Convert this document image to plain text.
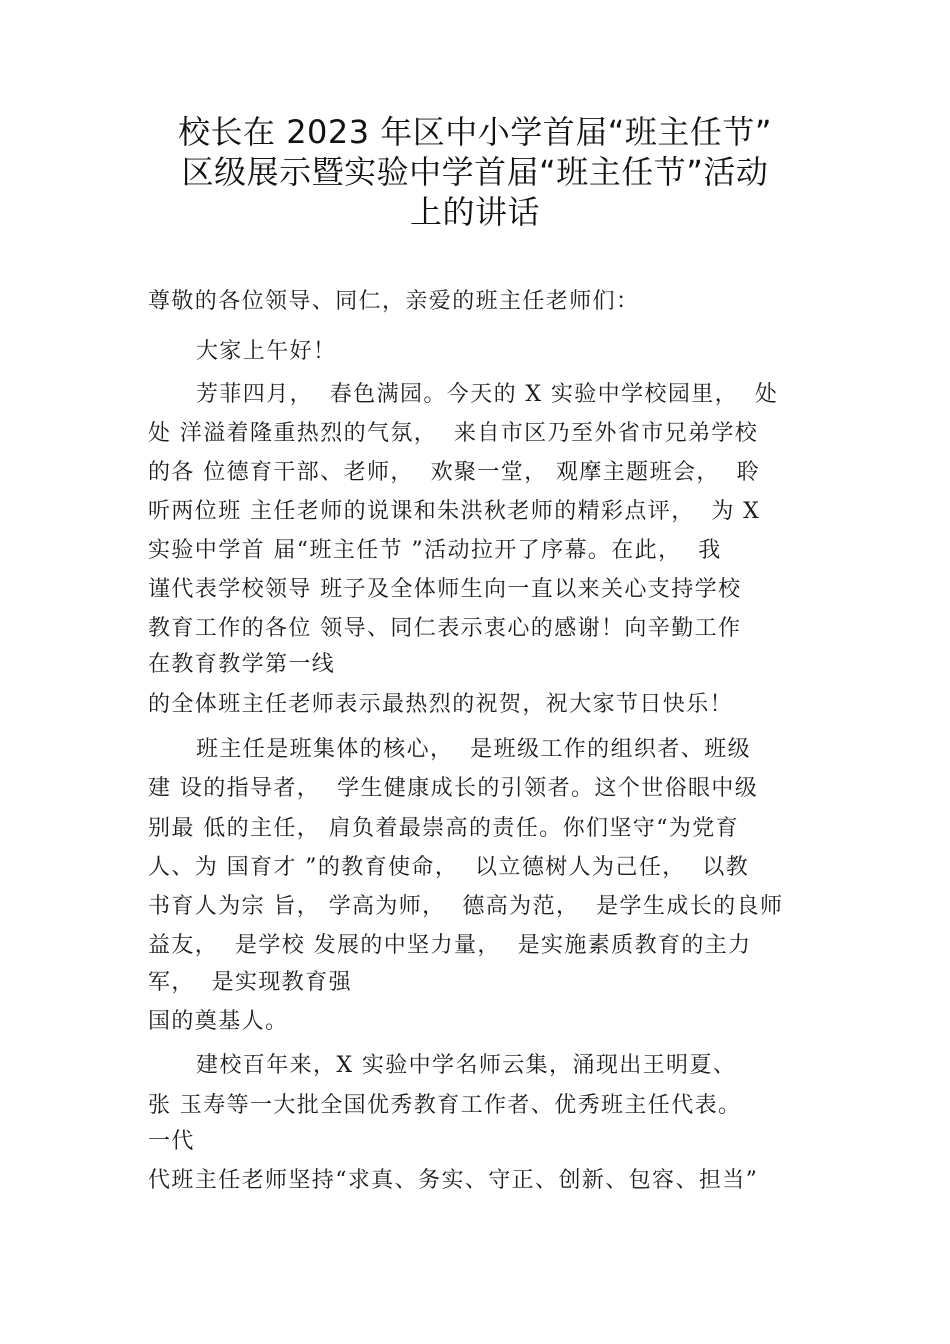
校长在 2023 年区中小学首届“班主任节”
区级展示暨实验中学首届“班主任节”活动
上的讲话
尊敬的各位领导、同仁，亲爱的班主任老师们：
大家上午好！
芳菲四月，  春色满园。今天的 X 实验中学校园里，  处
处 洋溢着隆重热烈的气氛，  来自市区乃至外省市兄弟学校
的各 位德育干部、老师，  欢聚一堂， 观摩主题班会，  聆
听两位班 主任老师的说课和朱洪秋老师的精彩点评，  为 X
实验中学首 届“班主任节 ”活动拉开了序幕。在此，  我
谨代表学校领导 班子及全体师生向一直以来关心支持学校
教育工作的各位 领导、同仁表示衷心的感谢！向辛勤工作
在教育教学第一线
的全体班主任老师表示最热烈的祝贺，祝大家节日快乐！
班主任是班集体的核心，  是班级工作的组织者、班级
建 设的指导者，  学生健康成长的引领者。这个世俗眼中级
别最 低的主任， 肩负着最崇高的责任。你们坚守“为党育
人、为 国育才 ”的教育使命，  以立德树人为己任，  以教
书育人为宗 旨， 学高为师，  德高为范，  是学生成长的良师
益友，  是学校 发展的中坚力量，  是实施素质教育的主力
军，  是实现教育强
国的奠基人。
建校百年来，X 实验中学名师云集，涌现出王明夏、
张 玉寿等一大批全国优秀教育工作者、优秀班主任代表。
一代
代班主任老师坚持“求真、务实、守正、创新、包容、担当”
